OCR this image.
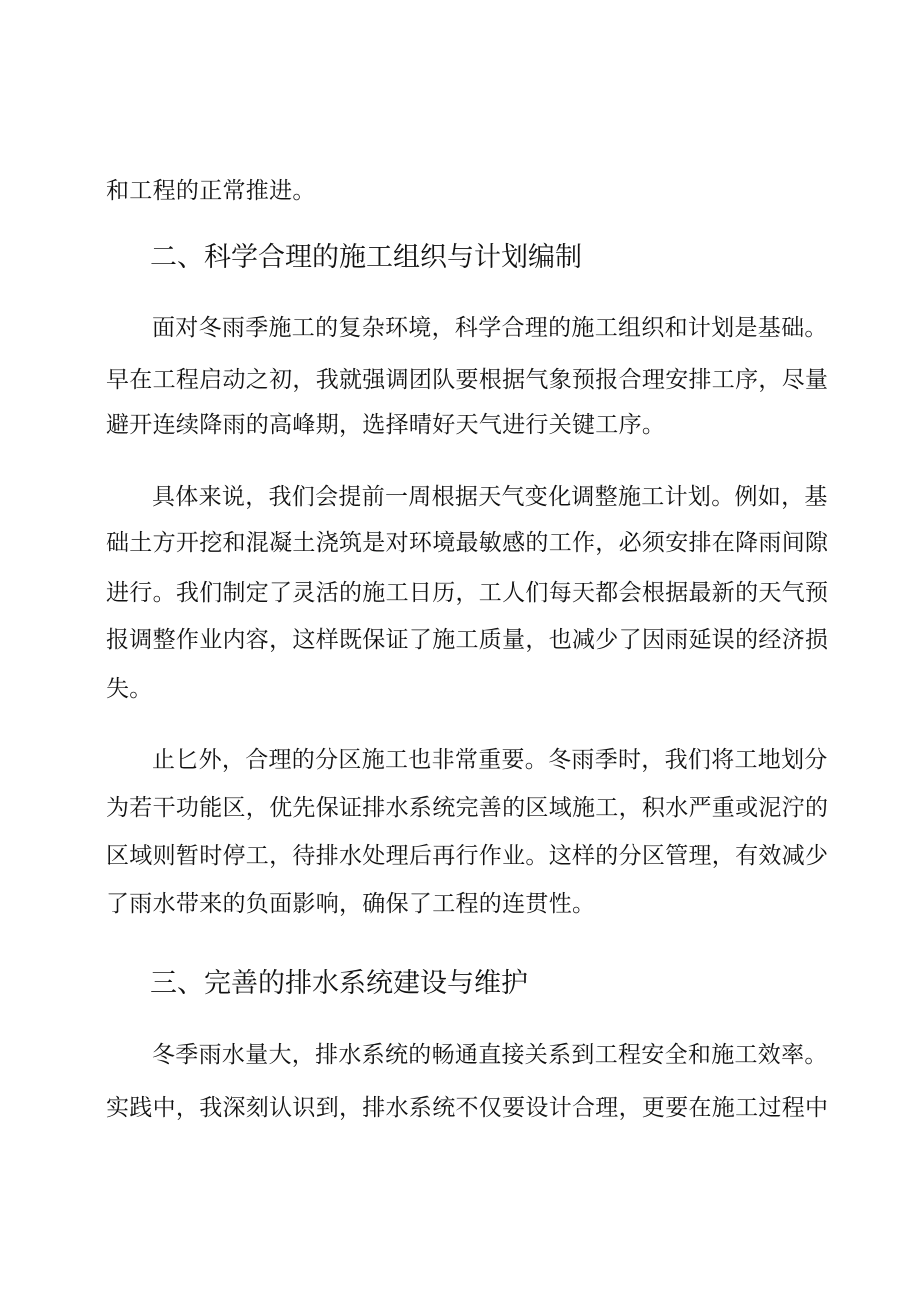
和工程的正常推进。
二、科学合理的施工组织与计划编制
面对冬雨季施工的复杂环境，科学合理的施工组织和计划是基础。
早在工程启动之初，我就强调团队要根据气象预报合理安排工序，尽量
避开连续降雨的高峰期，选择晴好天气进行关键工序。
具体来说，我们会提前一周根据天气变化调整施工计划。例如，基
础土方开挖和混凝土浇筑是对环境最敏感的工作，必须安排在降雨间隙
进行。我们制定了灵活的施工日历，工人们每天都会根据最新的天气预
报调整作业内容，这样既保证了施工质量，也减少了因雨延误的经济损
失。
止匕外，合理的分区施工也非常重要。冬雨季时，我们将工地划分
为若干功能区，优先保证排水系统完善的区域施工，积水严重或泥泞的
区域则暂时停工，待排水处理后再行作业。这样的分区管理，有效减少
了雨水带来的负面影响，确保了工程的连贯性。
三、完善的排水系统建设与维护
冬季雨水量大，排水系统的畅通直接关系到工程安全和施工效率。
实践中，我深刻认识到，排水系统不仅要设计合理，更要在施工过程中
